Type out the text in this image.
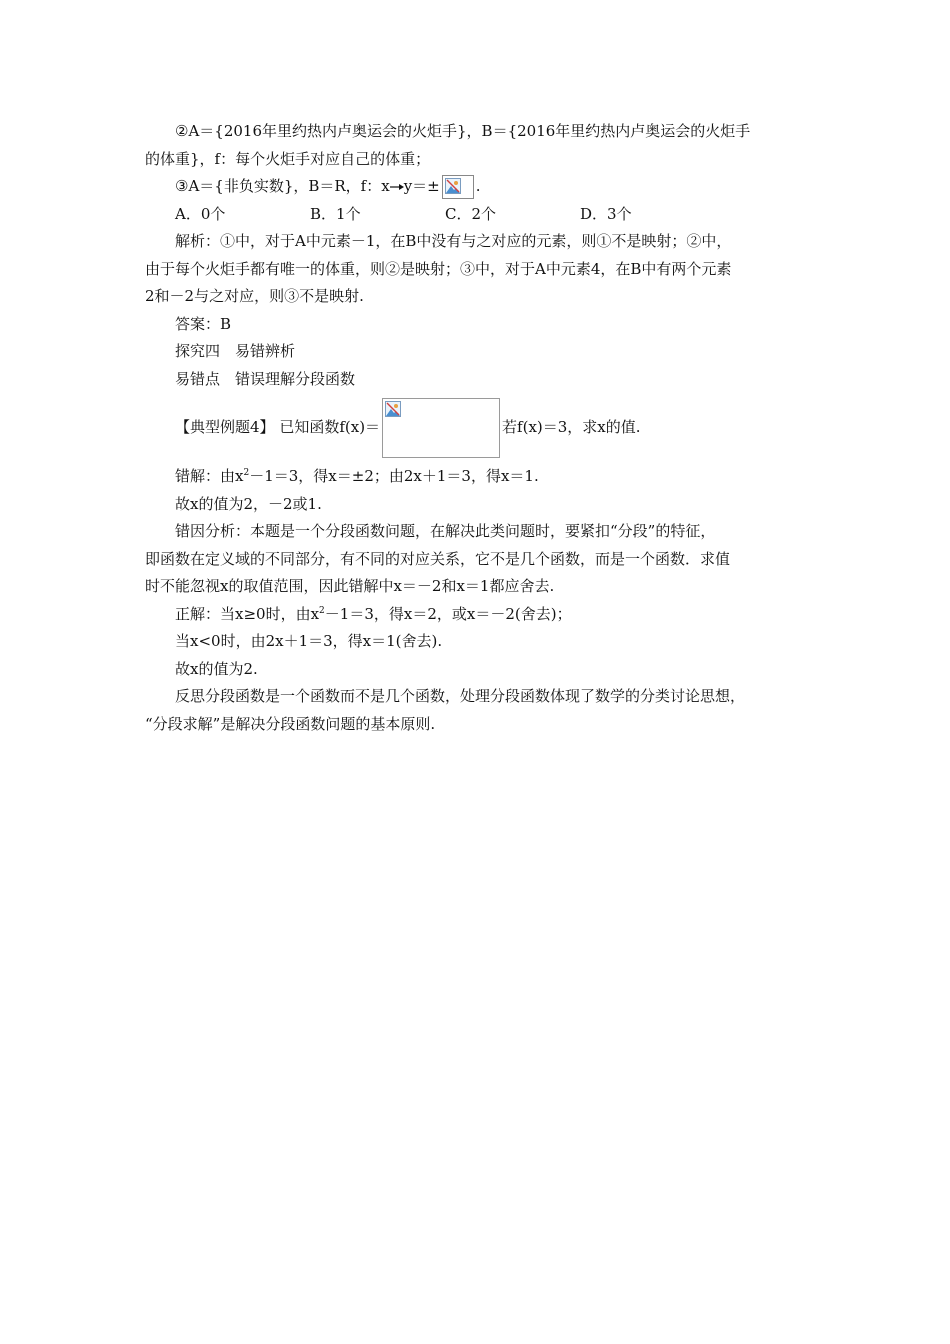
②A＝{2016年里约热内卢奥运会的火炬手}，B＝{2016年里约热内卢奥运会的火炬手

的体重}，f：每个火炬手对应自己的体重；

③A＝{非负实数}，B＝R，f：x y＝± .

A．0个	B．1个	C．2个	D．3个

解析：①中，对于A中元素－1，在B中没有与之对应的元素，则①不是映射；②中，

由于每个火炬手都有唯一的体重，则②是映射；③中，对于A中元素4，在B中有两个元素

2和－2与之对应，则③不是映射.

答案：B

探究四　易错辨析

易错点　错误理解分段函数

【典型例题4】
已知函数f(x)＝	若f(x)＝3，求x的值.

错解：由$x^2-1=3$，得x＝±2；由2x＋1＝3，得x＝1.

故x的值为2，－2或1.

错因分析：本题是一个分段函数问题，在解决此类问题时，要紧扣“分段”的特征，

即函数在定义域的不同部分，有不同的对应关系，它不是几个函数，而是一个函数．求值

时不能忽视x的取值范围，因此错解中x＝－2和x＝1都应舍去.

正解：当x≥0时，由$x^2-1=3$，得x＝2，或x＝－2(舍去)；

当x<0时，由2x＋1＝3，得x＝1(舍去).

故x的值为2.

反思分段函数是一个函数而不是几个函数，处理分段函数体现了数学的分类讨论思想，

“分段求解”是解决分段函数问题的基本原则.
